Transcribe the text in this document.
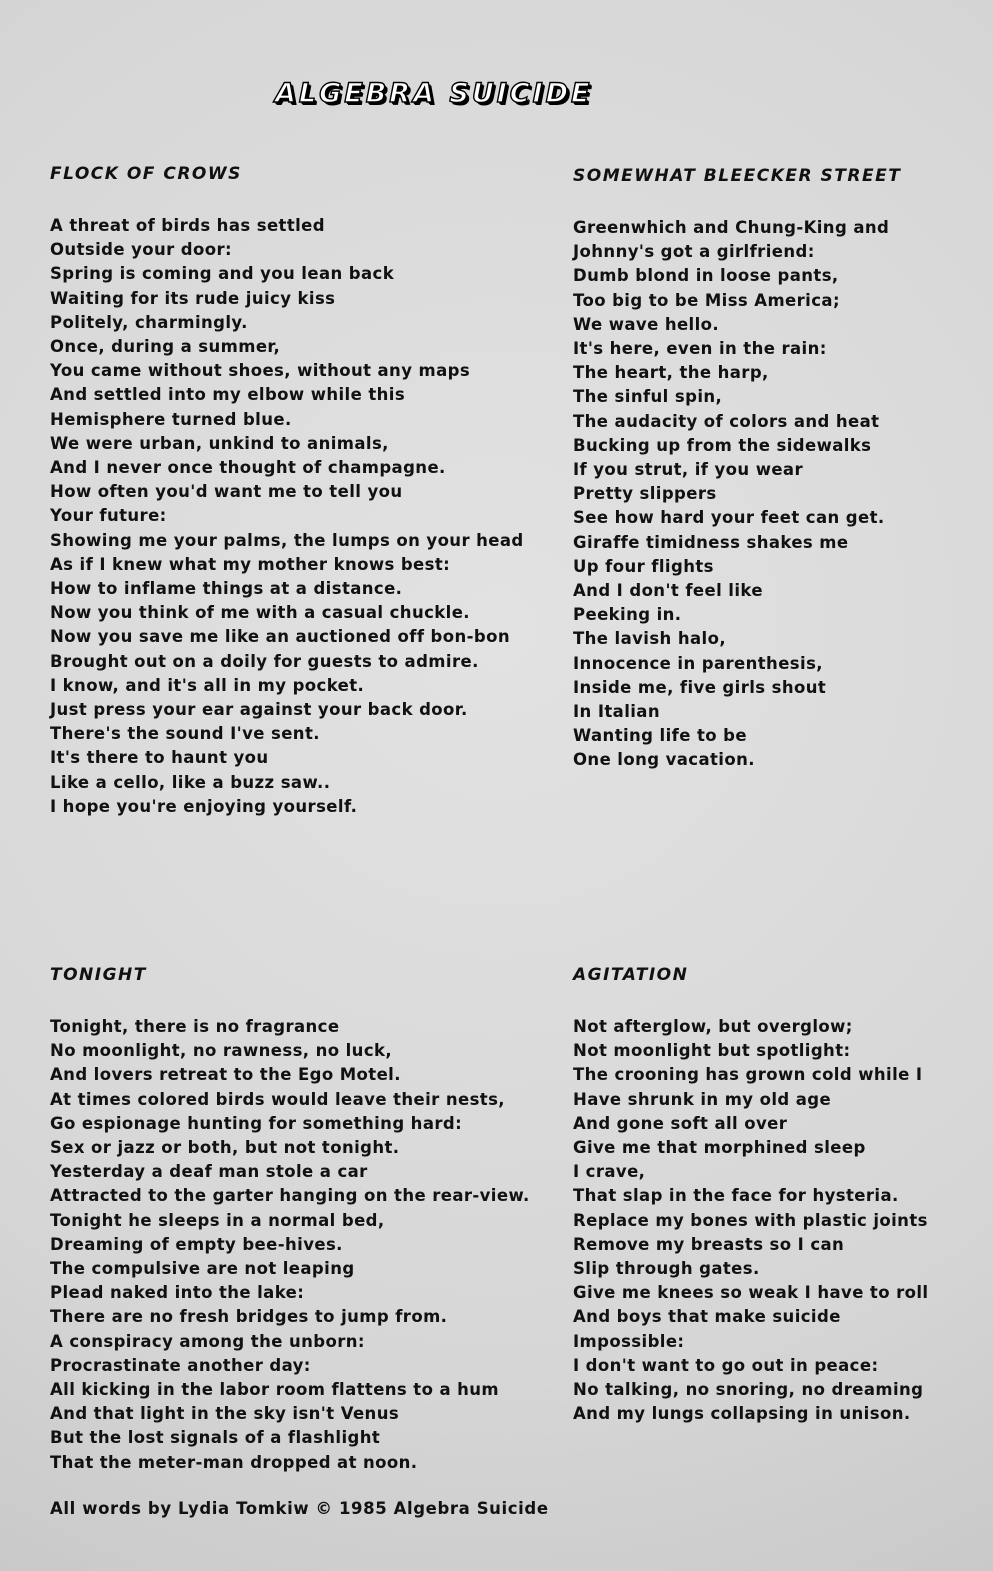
ALGEBRA SUICIDE
FLOCK OF CROWS
A threat of birds has settled
Outside your door:
Spring is coming and you lean back
Waiting for its rude juicy kiss
Politely, charmingly.
Once, during a summer,
You came without shoes, without any maps
And settled into my elbow while this
Hemisphere turned blue.
We were urban, unkind to animals,
And I never once thought of champagne.
How often you'd want me to tell you
Your future:
Showing me your palms, the lumps on your head
As if I knew what my mother knows best:
How to inflame things at a distance.
Now you think of me with a casual chuckle.
Now you save me like an auctioned off bon-bon
Brought out on a doily for guests to admire.
I know, and it's all in my pocket.
Just press your ear against your back door.
There's the sound I've sent.
It's there to haunt you
Like a cello, like a buzz saw..
I hope you're enjoying yourself.
SOMEWHAT BLEECKER STREET
Greenwhich and Chung-King and
Johnny's got a girlfriend:
Dumb blond in loose pants,
Too big to be Miss America;
We wave hello.
It's here, even in the rain:
The heart, the harp,
The sinful spin,
The audacity of colors and heat
Bucking up from the sidewalks
If you strut, if you wear
Pretty slippers
See how hard your feet can get.
Giraffe timidness shakes me
Up four flights
And I don't feel like
Peeking in.
The lavish halo,
Innocence in parenthesis,
Inside me, five girls shout
In Italian
Wanting life to be
One long vacation.
TONIGHT
Tonight, there is no fragrance
No moonlight, no rawness, no luck,
And lovers retreat to the Ego Motel.
At times colored birds would leave their nests,
Go espionage hunting for something hard:
Sex or jazz or both, but not tonight.
Yesterday a deaf man stole a car
Attracted to the garter hanging on the rear-view.
Tonight he sleeps in a normal bed,
Dreaming of empty bee-hives.
The compulsive are not leaping
Plead naked into the lake:
There are no fresh bridges to jump from.
A conspiracy among the unborn:
Procrastinate another day:
All kicking in the labor room flattens to a hum
And that light in the sky isn't Venus
But the lost signals of a flashlight
That the meter-man dropped at noon.
AGITATION
Not afterglow, but overglow;
Not moonlight but spotlight:
The crooning has grown cold while I
Have shrunk in my old age
And gone soft all over
Give me that morphined sleep
I crave,
That slap in the face for hysteria.
Replace my bones with plastic joints
Remove my breasts so I can
Slip through gates.
Give me knees so weak I have to roll
And boys that make suicide
Impossible:
I don't want to go out in peace:
No talking, no snoring, no dreaming
And my lungs collapsing in unison.
All words by Lydia Tomkiw © 1985 Algebra Suicide
